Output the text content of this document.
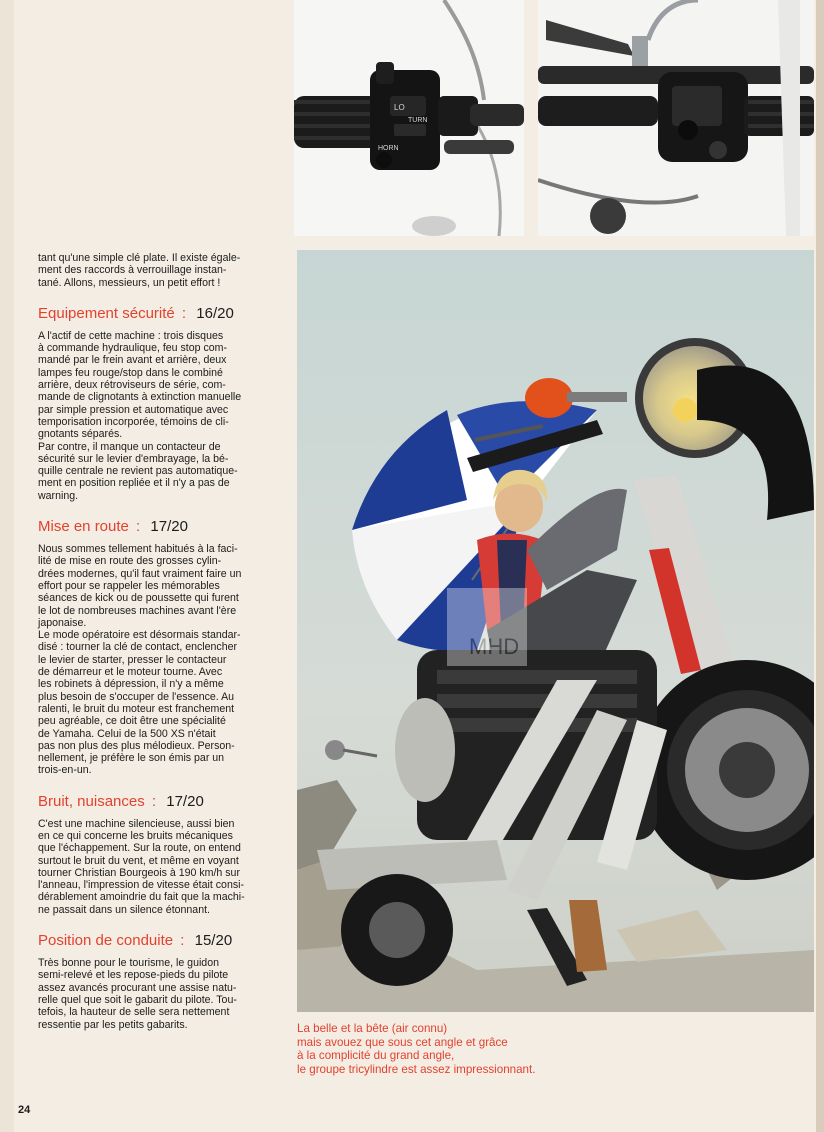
LO
TURN
HORN
MHD
tant qu'une simple clé plate. Il existe égale-
ment des raccords à verrouillage instan-
tané. Allons, messieurs, un petit effort !
Equipement sécurité : 16/20
A l'actif de cette machine : trois disques
à commande hydraulique, feu stop com-
mandé par le frein avant et arrière, deux
lampes feu rouge/stop dans le combiné
arrière, deux rétroviseurs de série, com-
mande de clignotants à extinction manuelle
par simple pression et automatique avec
temporisation incorporée, témoins de cli-
gnotants séparés.
Par contre, il manque un contacteur de
sécurité sur le levier d'embrayage, la bé-
quille centrale ne revient pas automatique-
ment en position repliée et il n'y a pas de
warning.
Mise en route : 17/20
Nous sommes tellement habitués à la faci-
lité de mise en route des grosses cylin-
drées modernes, qu'il faut vraiment faire un
effort pour se rappeler les mémorables
séances de kick ou de poussette qui furent
le lot de nombreuses machines avant l'ère
japonaise.
Le mode opératoire est désormais standar-
disé : tourner la clé de contact, enclencher
le levier de starter, presser le contacteur
de démarreur et le moteur tourne. Avec
les robinets à dépression, il n'y a même
plus besoin de s'occuper de l'essence. Au
ralenti, le bruit du moteur est franchement
peu agréable, ce doit être une spécialité
de Yamaha. Celui de la 500 XS n'était
pas non plus des plus mélodieux. Person-
nellement, je préfère le son émis par un
trois-en-un.
Bruit, nuisances : 17/20
C'est une machine silencieuse, aussi bien
en ce qui concerne les bruits mécaniques
que l'échappement. Sur la route, on entend
surtout le bruit du vent, et même en voyant
tourner Christian Bourgeois à 190 km/h sur
l'anneau, l'impression de vitesse était consi-
dérablement amoindrie du fait que la machi-
ne passait dans un silence étonnant.
Position de conduite : 15/20
Très bonne pour le tourisme, le guidon
semi-relevé et les repose-pieds du pilote
assez avancés procurant une assise natu-
relle quel que soit le gabarit du pilote. Tou-
tefois, la hauteur de selle sera nettement
ressentie par les petits gabarits.	La belle et la bête (air connu)
mais avouez que sous cet angle et grâce
à la complicité du grand angle,
le groupe tricylindre est assez impressionnant.
24
